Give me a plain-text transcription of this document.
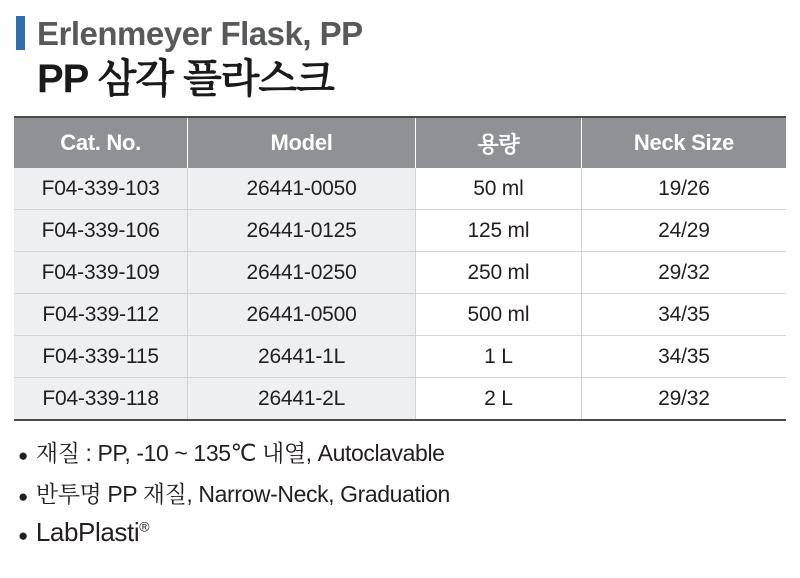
Erlenmeyer Flask, PP
PP 삼각 플라스크
Cat. No.	Model	용량	Neck Size
F04-339-103	26441-0050	50 ml	19/26
F04-339-106	26441-0125	125 ml	24/29
F04-339-109	26441-0250	250 ml	29/32
F04-339-112	26441-0500	500 ml	34/35
F04-339-115	26441-1L	1 L	34/35
F04-339-118	26441-2L	2 L	29/32
● 재질 : PP, -10 ~ 135℃ 내열, Autoclavable
● 반투명 PP 재질, Narrow-Neck, Graduation
● LabPlasti®
